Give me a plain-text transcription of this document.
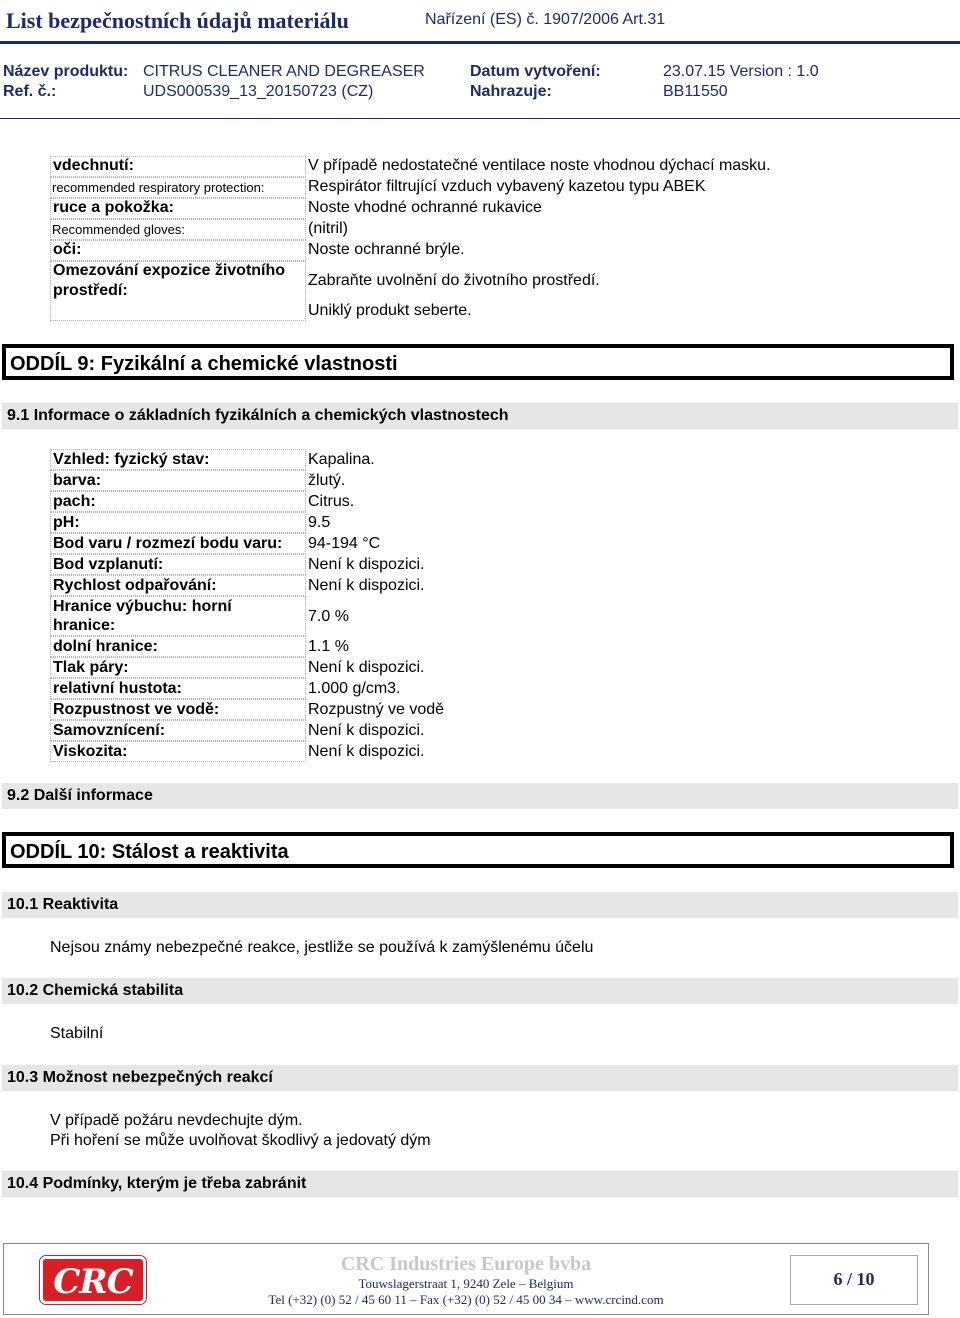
List bezpečnostních údajů materiálu	Nařízení (ES) č. 1907/2006 Art.31
Název produktu: CITRUS CLEANER AND DEGREASER	Datum vytvoření:	23.07.15 Version : 1.0
Ref. č.:	UDS000539_13_20150723 (CZ)	Nahrazuje:	BB11550
vdechnutí:	V případě nedostatečné ventilace noste vhodnou dýchací masku.
recommended respiratory protection:	Respirátor filtrující vzduch vybavený kazetou typu ABEK
ruce a pokožka:	Noste vhodné ochranné rukavice
Recommended gloves:	(nitril)
oči:	Noste ochranné brýle.
Omezování expozice životního
prostředí:
Zabraňte uvolnění do životního prostředí.
Uniklý produkt seberte.
ODDÍL 9: Fyzikální a chemické vlastnosti
9.1 Informace o základních fyzikálních a chemických vlastnostech
Vzhled: fyzický stav:	Kapalina.
barva:	žlutý.
pach:	Citrus.
pH:	9.5
Bod varu / rozmezí bodu varu: 94-194 °C
Bod vzplanutí:	Není k dispozici.
Rychlost odpařování:	Není k dispozici.
Hranice výbuchu: horní
hranice:
7.0 %
dolní hranice:	1.1 %
Tlak páry:	Není k dispozici.
relativní hustota:	1.000 g/cm3.
Rozpustnost ve vodě:	Rozpustný ve vodě
Samovznícení:	Není k dispozici.
Viskozita:	Není k dispozici.
9.2 Další informace
ODDÍL 10: Stálost a reaktivita
10.1 Reaktivita
Nejsou známy nebezpečné reakce, jestliže se používá k zamýšlenému účelu
10.2 Chemická stabilita
Stabilní
10.3 Možnost nebezpečných reakcí
V případě požáru nevdechujte dým.
Při hoření se může uvolňovat škodlivý a jedovatý dým
10.4 Podmínky, kterým je třeba zabránit
CRC	CRC Industries Europe bvba
Touwslagerstraat 1, 9240 Zele – Belgium
Tel (+32) (0) 52 / 45 60 11 – Fax (+32) (0) 52 / 45 00 34 – www.crcind.com
6 / 10
